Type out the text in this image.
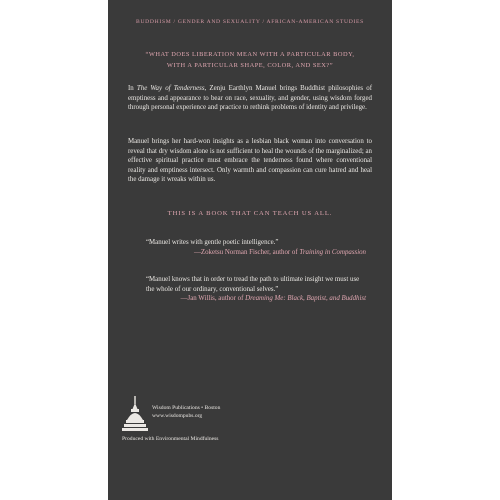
BUDDHISM / GENDER AND SEXUALITY / AFRICAN-AMERICAN STUDIES
“WHAT DOES LIBERATION MEAN WITH A PARTICULAR BODY,
WITH A PARTICULAR SHAPE, COLOR, AND SEX?”
In The Way of Tenderness, Zenju Earthlyn Manuel brings Buddhist philosophies of emptiness and appearance to bear on race, sexuality, and gender, using wisdom forged through personal experience and practice to rethink problems of identity and privilege.
Manuel brings her hard-won insights as a lesbian black woman into conversation to reveal that dry wisdom alone is not sufficient to heal the wounds of the marginalized; an effective spiritual practice must embrace the tenderness found where conventional reality and emptiness intersect. Only warmth and compassion can cure hatred and heal the damage it wreaks within us.
THIS IS A BOOK THAT CAN TEACH US ALL.
“Manuel writes with gentle poetic intelligence.”
—Zoketsu Norman Fischer, author of Training in Compassion
“Manuel knows that in order to tread the path to ultimate insight we must use the whole of our ordinary, conventional selves.”
—Jan Willis, author of Dreaming Me: Black, Baptist, and Buddhist
Wisdom Publications • Boston
www.wisdompubs.org
Produced with Environmental Mindfulness
